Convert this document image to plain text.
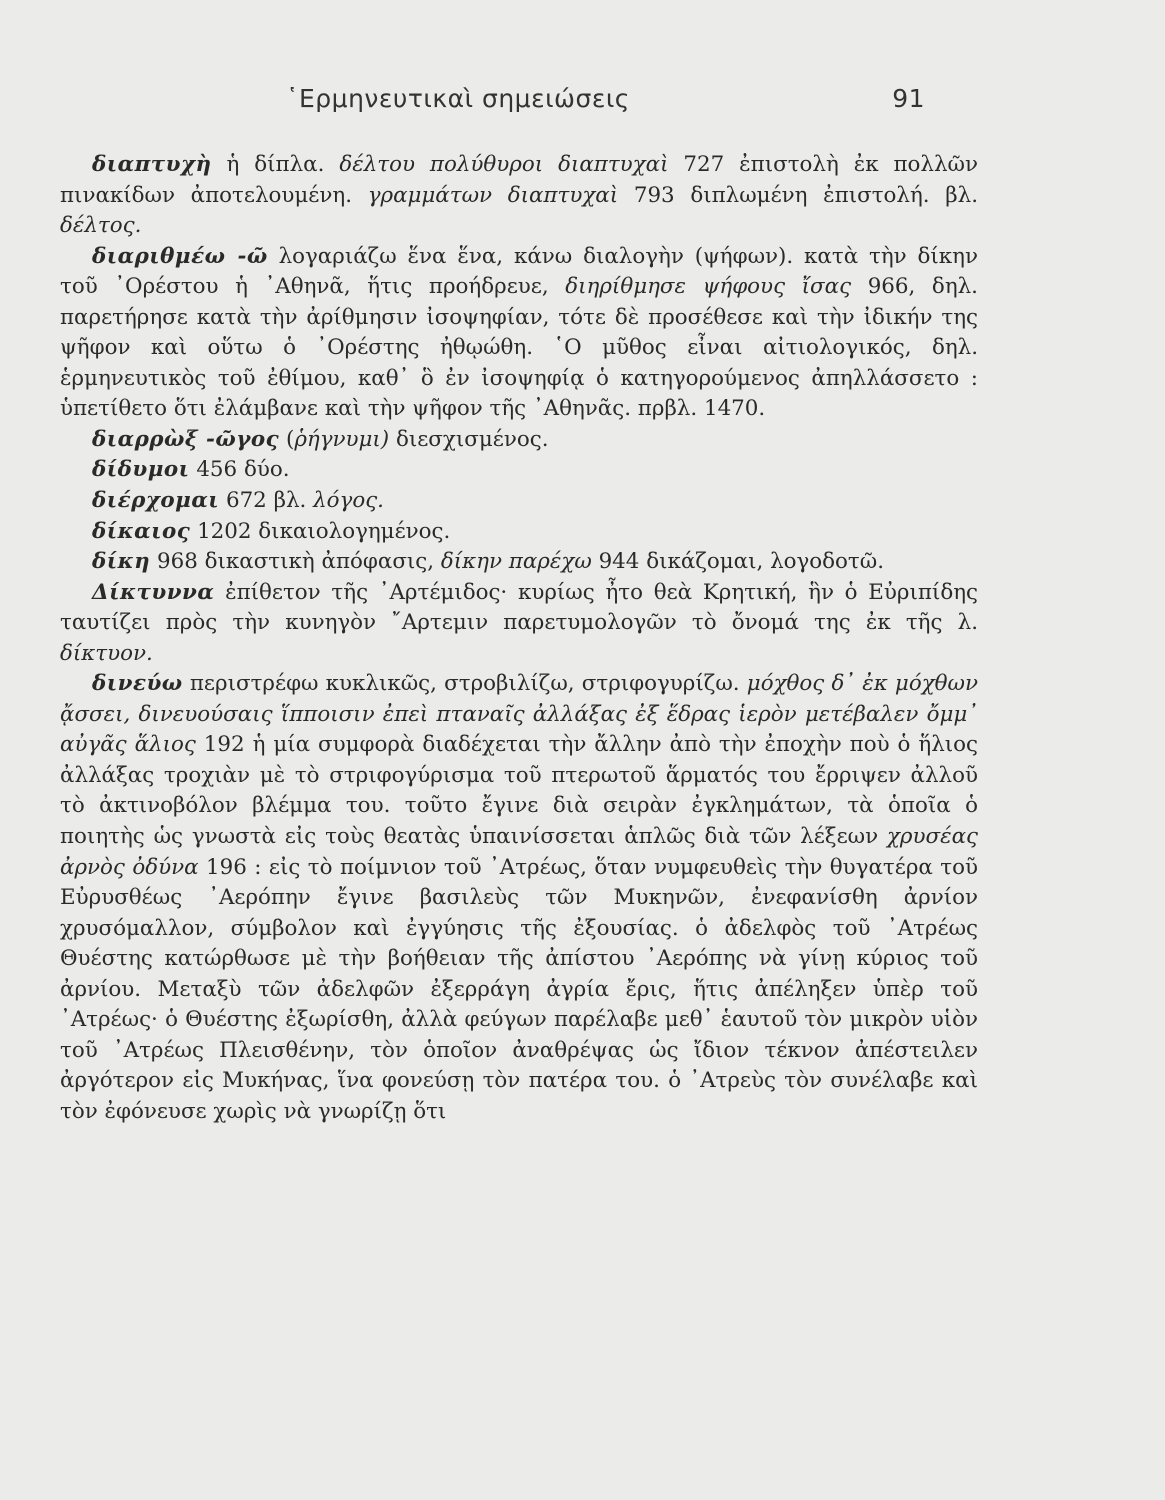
῾Ερμηνευτικαὶ σημειώσεις	91

διαπτυχὴ ἡ δίπλα. δέλτου πολύθυροι διαπτυχαὶ 727 ἐπιστολὴ ἐκ πολλῶν πινακίδων ἀποτελουμένη. γραμμάτων διαπτυχαὶ 793 διπλωμένη ἐπιστολή. βλ. δέλτος.

διαριθμέω -ῶ λογαριάζω ἕνα ἕνα, κάνω διαλογὴν (ψήφων). κατὰ τὴν δίκην τοῦ ᾿Ορέστου ἡ ᾿Αθηνᾶ, ἥτις προήδρευε, διηρίθμησε ψήφους ἴσας 966, δηλ. παρετήρησε κατὰ τὴν ἀρίθμησιν ἰσοψηφίαν, τότε δὲ προσέθεσε καὶ τὴν ἰδικήν της ψῆφον καὶ οὕτω ὁ ᾿Ορέστης ἠθῳώθη. ῾Ο μῦθος εἶναι αἰτιολογικός, δηλ. ἑρμηνευτικὸς τοῦ ἐθίμου, καθ᾿ ὃ ἐν ἰσοψηφίᾳ ὁ κατηγορούμενος ἀπηλλάσσετο : ὑπετίθετο ὅτι ἐλάμβανε καὶ τὴν ψῆφον τῆς ᾿Αθηνᾶς. πρβλ. 1470.

διαρρὼξ -ῶγος (ῥήγνυμι) διεσχισμένος.

δίδυμοι 456 δύο.

διέρχομαι 672 βλ. λόγος.

δίκαιος 1202 δικαιολογημένος.

δίκη 968 δικαστικὴ ἀπόφασις, δίκην παρέχω 944 δικάζομαι, λογοδοτῶ.

Δίκτυννα ἐπίθετον τῆς ᾿Αρτέμιδος· κυρίως ἦτο θεὰ Κρητική, ἣν ὁ Εὐριπίδης ταυτίζει πρὸς τὴν κυνηγὸν ῎Αρτεμιν παρετυμολογῶν τὸ ὄνομά της ἐκ τῆς λ. δίκτυον.

δινεύω περιστρέφω κυκλικῶς, στροβιλίζω, στριφογυρίζω. μόχθος δ᾿ ἐκ μόχθων ᾄσσει, δινευούσαις ἵπποισιν ἐπεὶ πταναῖς ἀλλάξας ἐξ ἕδρας ἱερὸν μετέβαλεν ὄμμ᾿ αὐγᾶς ἅλιος 192 ἡ μία συμφορὰ διαδέχεται τὴν ἄλλην ἀπὸ τὴν ἐποχὴν ποὺ ὁ ἥλιος ἀλλάξας τροχιὰν μὲ τὸ στριφογύρισμα τοῦ πτερωτοῦ ἅρματός του ἔρριψεν ἀλλοῦ τὸ ἀκτινοβόλον βλέμμα του. τοῦτο ἔγινε διὰ σειρὰν ἐγκλημάτων, τὰ ὁποῖα ὁ ποιητὴς ὡς γνωστὰ εἰς τοὺς θεατὰς ὑπαινίσσεται ἁπλῶς διὰ τῶν λέξεων χρυσέας ἀρνὸς ὀδύνα 196 : εἰς τὸ ποίμνιον τοῦ ᾿Ατρέως, ὅταν νυμφευθεὶς τὴν θυγατέρα τοῦ Εὐρυσθέως ᾿Αερόπην ἔγινε βασιλεὺς τῶν Μυκηνῶν, ἐνεφανίσθη ἀρνίον χρυσόμαλλον, σύμβολον καὶ ἐγγύησις τῆς ἐξουσίας. ὁ ἀδελφὸς τοῦ ᾿Ατρέως Θυέστης κατώρθωσε μὲ τὴν βοήθειαν τῆς ἀπίστου ᾿Αερόπης νὰ γίνῃ κύριος τοῦ ἀρνίου. Μεταξὺ τῶν ἀδελφῶν ἐξερράγη ἀγρία ἔρις, ἥτις ἀπέληξεν ὑπὲρ τοῦ ᾿Ατρέως· ὁ Θυέστης ἐξωρίσθη, ἀλλὰ φεύγων παρέλαβε μεθ᾿ ἑαυτοῦ τὸν μικρὸν υἱὸν τοῦ ᾿Ατρέως Πλεισθένην, τὸν ὁποῖον ἀναθρέψας ὡς ἴδιον τέκνον ἀπέστειλεν ἀργότερον εἰς Μυκήνας, ἵνα φονεύσῃ τὸν πατέρα του. ὁ ᾿Ατρεὺς τὸν συνέλαβε καὶ τὸν ἐφόνευσε χωρὶς νὰ γνωρίζῃ ὅτι
